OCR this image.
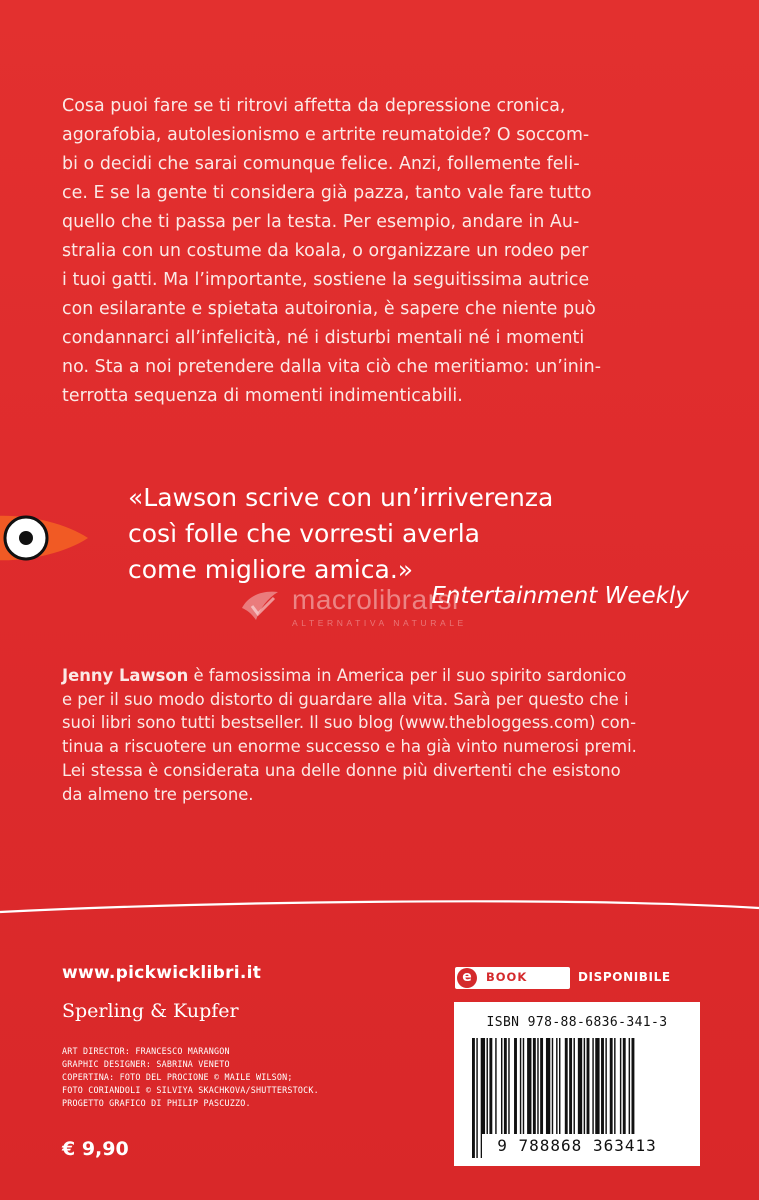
Cosa puoi fare se ti ritrovi affetta da depressione cronica,
agorafobia, autolesionismo e artrite reumatoide? O soccom-
bi o decidi che sarai comunque felice. Anzi, follemente feli-
ce. E se la gente ti considera già pazza, tanto vale fare tutto
quello che ti passa per la testa. Per esempio, andare in Au-
stralia con un costume da koala, o organizzare un rodeo per
i tuoi gatti. Ma l’importante, sostiene la seguitissima autrice
con esilarante e spietata autoironia, è sapere che niente può
condannarci all’infelicità, né i disturbi mentali né i momenti
no. Sta a noi pretendere dalla vita ciò che meritiamo: un’inin-
terrotta sequenza di momenti indimenticabili.
«Lawson scrive con un’irriverenza
così folle che vorresti averla
come migliore amica.»
macrolibrarsi
ALTERNATIVA NATURALE
Entertainment Weekly
Jenny Lawson è famosissima in America per il suo spirito sardonico
e per il suo modo distorto di guardare alla vita. Sarà per questo che i
suoi libri sono tutti bestseller. Il suo blog (www.thebloggess.com) con-
tinua a riscuotere un enorme successo e ha già vinto numerosi premi.
Lei stessa è considerata una delle donne più divertenti che esistono
da almeno tre persone.
www.pickwicklibri.it
Sperling & Kupfer
ART DIRECTOR: FRANCESCO MARANGON
GRAPHIC DESIGNER: SABRINA VENETO
COPERTINA: FOTO DEL PROCIONE © MAILE WILSON;
FOTO CORIANDOLI © SILVIYA SKACHKOVA/SHUTTERSTOCK.
PROGETTO GRAFICO DI PHILIP PASCUZZO.
€ 9,90
e	BOOK	DISPONIBILE
ISBN 978-88-6836-341-3
9 788868 363413
